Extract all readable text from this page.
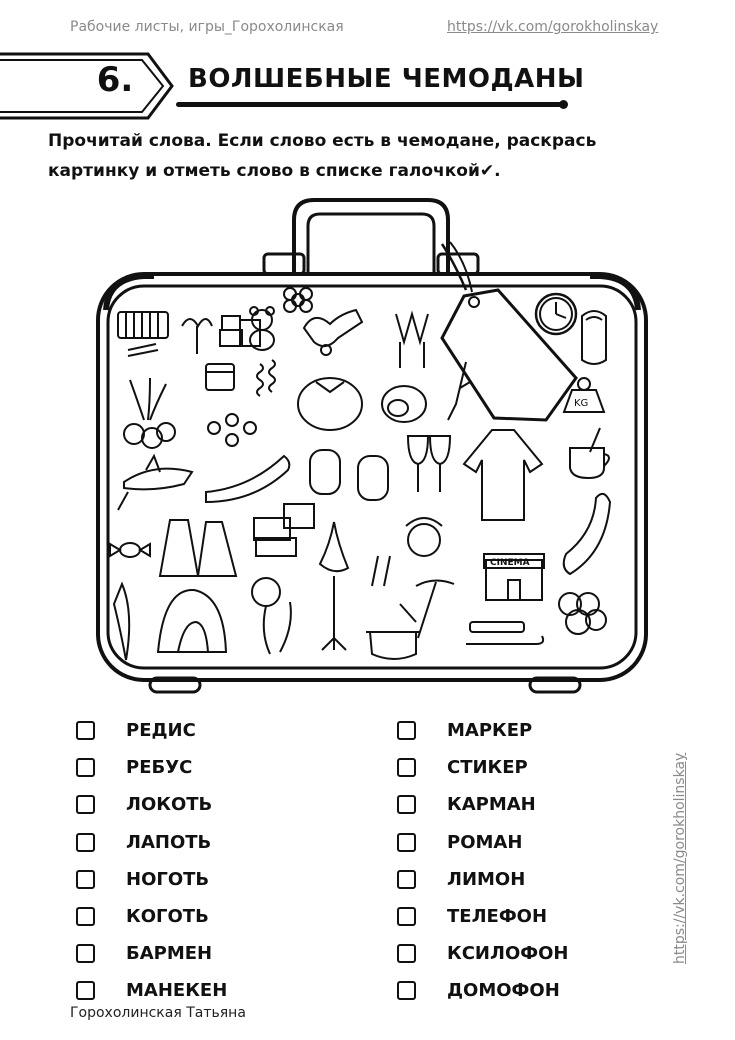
Рабочие листы, игры_Горохолинская	https://vk.com/gorokholinskay
6.	ВОЛШЕБНЫЕ ЧЕМОДАНЫ
Прочитай слова. Если слово есть в чемодане, раскрась
картинку и отметь слово в списке галочкой✔.
KG
CINEMA
РЕДИС
РЕБУС
ЛОКОТЬ
ЛАПОТЬ
НОГОТЬ
КОГОТЬ
БАРМЕН
МАНЕКЕН
МАРКЕР
СТИКЕР
КАРМАН
РОМАН
ЛИМОН
ТЕЛЕФОН
КСИЛОФОН
ДОМОФОН
Горохолинская Татьяна
https://vk.com/gorokholinskay
